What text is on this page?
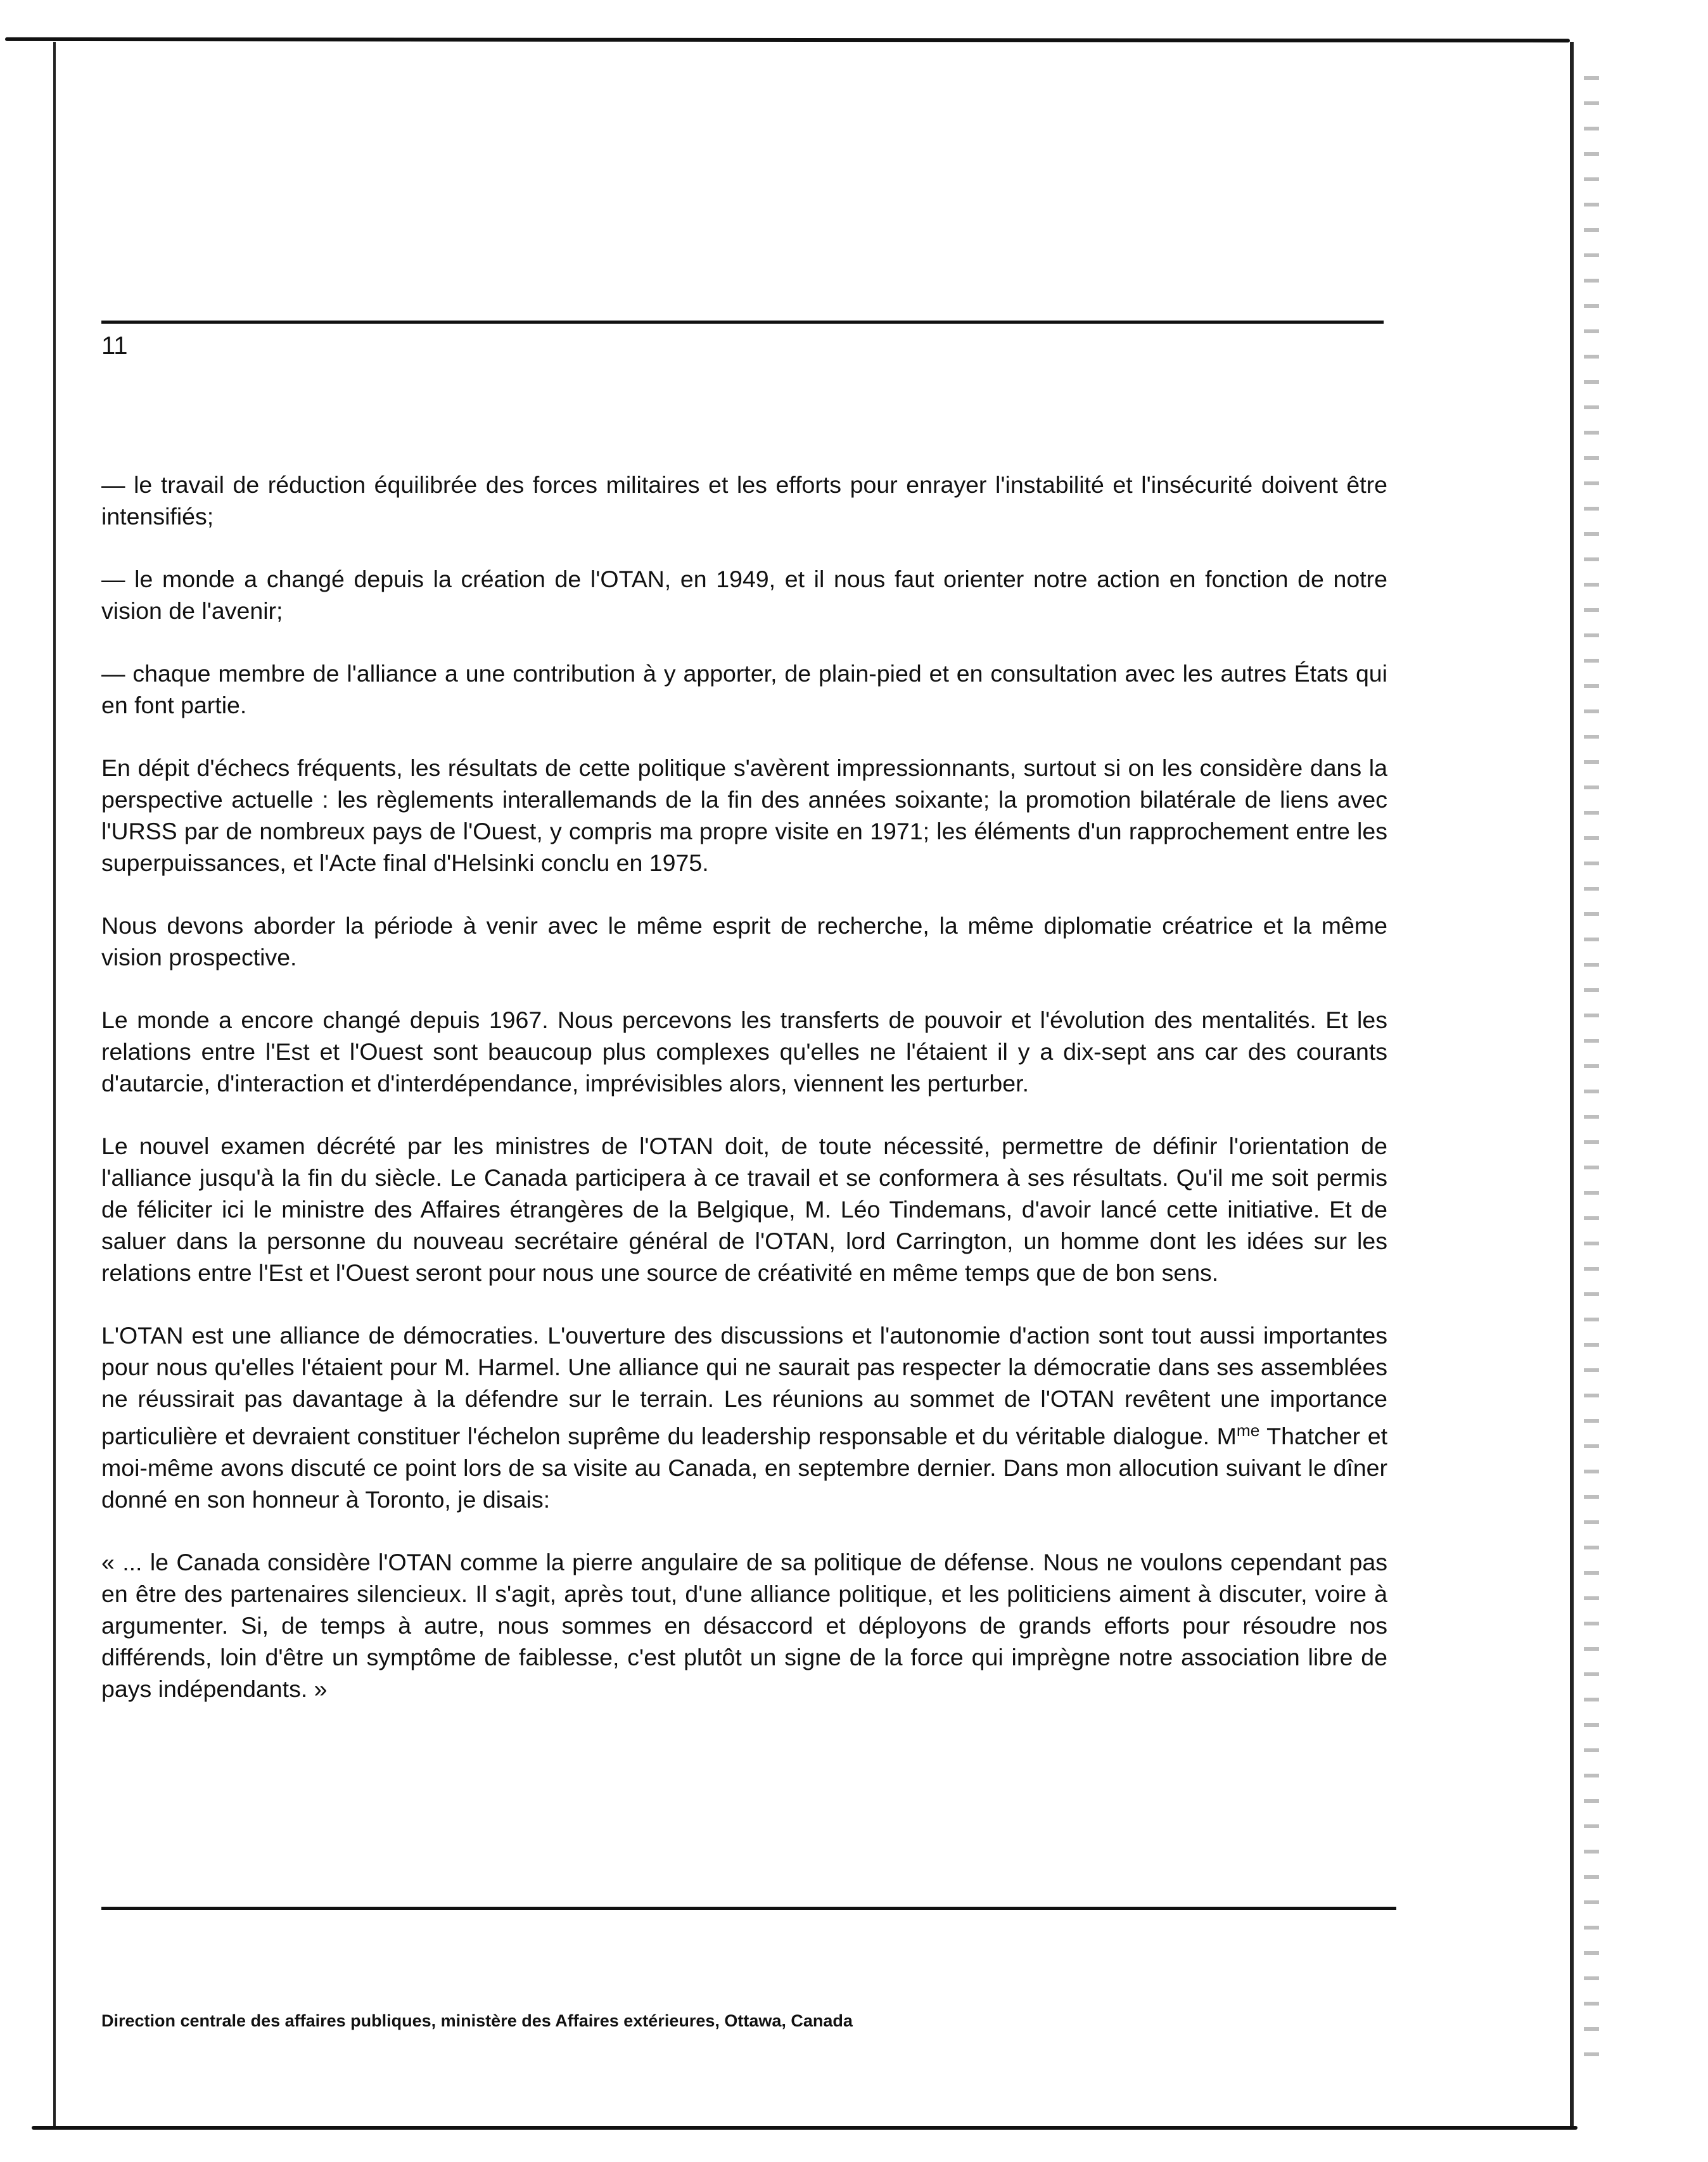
11

— le travail de réduction équilibrée des forces militaires et les efforts pour enrayer l'instabilité et l'insécurité doivent être intensifiés;

— le monde a changé depuis la création de l'OTAN, en 1949, et il nous faut orienter notre action en fonction de notre vision de l'avenir;

— chaque membre de l'alliance a une contribution à y apporter, de plain-pied et en consultation avec les autres États qui en font partie.

En dépit d'échecs fréquents, les résultats de cette politique s'avèrent impressionnants, surtout si on les considère dans la perspective actuelle : les règlements interallemands de la fin des années soixante; la promotion bilatérale de liens avec l'URSS par de nombreux pays de l'Ouest, y compris ma propre visite en 1971; les éléments d'un rapprochement entre les superpuissances, et l'Acte final d'Helsinki conclu en 1975.

Nous devons aborder la période à venir avec le même esprit de recherche, la même diplomatie créatrice et la même vision prospective.

Le monde a encore changé depuis 1967. Nous percevons les transferts de pouvoir et l'évolution des mentalités. Et les relations entre l'Est et l'Ouest sont beaucoup plus complexes qu'elles ne l'étaient il y a dix-sept ans car des courants d'autarcie, d'interaction et d'interdépendance, imprévisibles alors, viennent les perturber.

Le nouvel examen décrété par les ministres de l'OTAN doit, de toute nécessité, permettre de définir l'orientation de l'alliance jusqu'à la fin du siècle. Le Canada participera à ce travail et se conformera à ses résultats. Qu'il me soit permis de féliciter ici le ministre des Affaires étrangères de la Belgique, M. Léo Tindemans, d'avoir lancé cette initiative. Et de saluer dans la personne du nouveau secrétaire général de l'OTAN, lord Carrington, un homme dont les idées sur les relations entre l'Est et l'Ouest seront pour nous une source de créativité en même temps que de bon sens.

L'OTAN est une alliance de démocraties. L'ouverture des discussions et l'autonomie d'action sont tout aussi importantes pour nous qu'elles l'étaient pour M. Harmel. Une alliance qui ne saurait pas respecter la démocratie dans ses assemblées ne réussirait pas davantage à la défendre sur le terrain. Les réunions au sommet de l'OTAN revêtent une importance particulière et devraient constituer l'échelon suprême du leadership responsable et du véritable dialogue. $M^{me}$ Thatcher et moi-même avons discuté ce point lors de sa visite au Canada, en septembre dernier. Dans mon allocution suivant le dîner donné en son honneur à Toronto, je disais:

« ... le Canada considère l'OTAN comme la pierre angulaire de sa politique de défense. Nous ne voulons cependant pas en être des partenaires silencieux. Il s'agit, après tout, d'une alliance politique, et les politiciens aiment à discuter, voire à argumenter. Si, de temps à autre, nous sommes en désaccord et déployons de grands efforts pour résoudre nos différends, loin d'être un symptôme de faiblesse, c'est plutôt un signe de la force qui imprègne notre association libre de pays indépendants. »

Direction centrale des affaires publiques, ministère des Affaires extérieures, Ottawa, Canada
